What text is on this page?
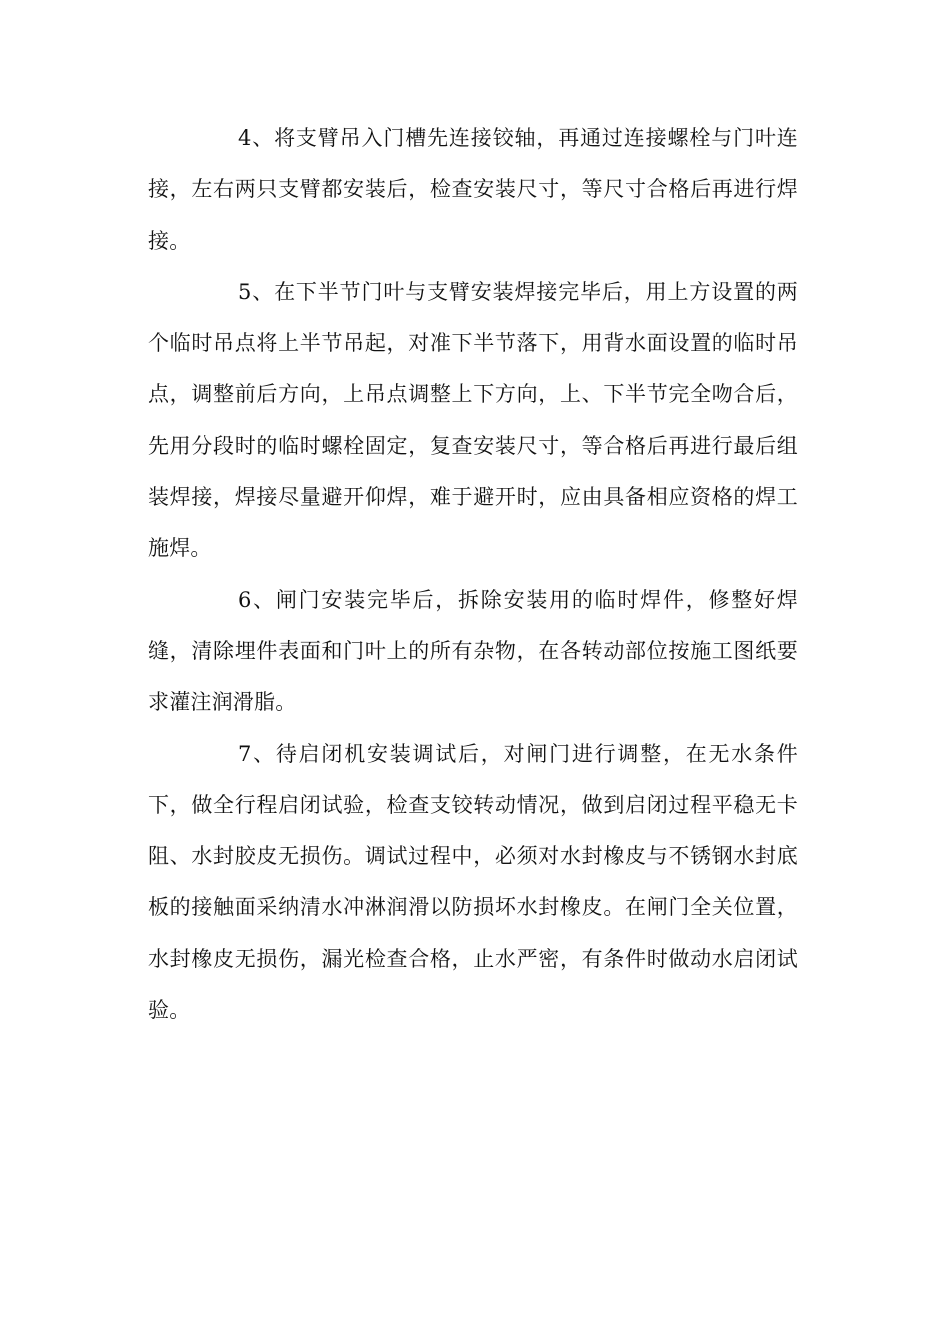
4、将支臂吊入门槽先连接铰轴，再通过连接螺栓与门叶连接，左右两只支臂都安装后，检查安装尺寸，等尺寸合格后再进行焊接。

5、在下半节门叶与支臂安装焊接完毕后，用上方设置的两个临时吊点将上半节吊起，对准下半节落下，用背水面设置的临时吊点，调整前后方向，上吊点调整上下方向，上、下半节完全吻合后，先用分段时的临时螺栓固定，复查安装尺寸，等合格后再进行最后组装焊接，焊接尽量避开仰焊，难于避开时，应由具备相应资格的焊工施焊。

6、闸门安装完毕后，拆除安装用的临时焊件，修整好焊缝，清除埋件表面和门叶上的所有杂物，在各转动部位按施工图纸要求灌注润滑脂。

7、待启闭机安装调试后，对闸门进行调整，在无水条件下，做全行程启闭试验，检查支铰转动情况，做到启闭过程平稳无卡阻、水封胶皮无损伤。调试过程中，必须对水封橡皮与不锈钢水封底板的接触面采纳清水冲淋润滑以防损坏水封橡皮。在闸门全关位置，水封橡皮无损伤，漏光检查合格，止水严密，有条件时做动水启闭试验。
